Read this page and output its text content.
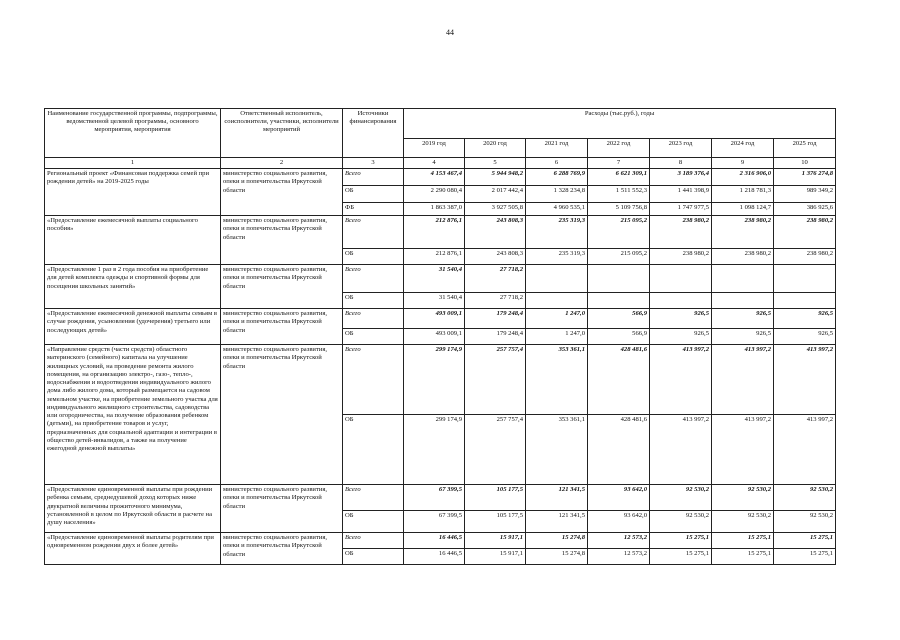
44
Наименование государственной программы, подпрограммы, ведомственной целевой программы, основного мероприятия, мероприятия	Ответственный исполнитель, соисполнители, участники, исполнители мероприятий	Источники финансирования	Расходы (тыс.руб.), годы						
			2019 год	2020 год	2021 год	2022 год	2023 год	2024 год	2025 год
1	2	3	4	5	6	7	8	9	10
Региональный проект «Финансовая поддержка семей при рождении детей» на 2019-2025 годы	министерство социального развития, опеки и попечительства Иркутской области	Всего	4 153 467,4	5 944 948,2	6 288 769,9	6 621 309,1	3 189 376,4	2 316 906,0	1 376 274,8
		ОБ	2 290 080,4	2 017 442,4	1 328 234,8	1 511 552,3	1 441 398,9	1 218 781,3	989 349,2
		ФБ	1 863 387,0	3 927 505,8	4 960 535,1	5 109 756,8	1 747 977,5	1 098 124,7	386 925,6
«Предоставление ежемесячной выплаты социального пособия»	министерство социального развития, опеки и попечительства Иркутской области	Всего	212 876,1	243 808,3	235 319,3	215 095,2	238 980,2	238 980,2	238 980,2
		ОБ	212 876,1	243 808,3	235 319,3	215 095,2	238 980,2	238 980,2	238 980,2
«Предоставление 1 раз в 2 года пособия на приобретение для детей комплекта одежды и спортивной формы для посещения школьных занятий»	министерство социального развития, опеки и попечительства Иркутской области	Всего	31 540,4	27 718,2					
		ОБ	31 540,4	27 718,2					
«Предоставление ежемесячной денежной выплаты семьям в случае рождения, усыновления (удочерения) третьего или последующих детей»	министерство социального развития, опеки и попечительства Иркутской области	Всего	493 009,1	179 248,4	1 247,0	566,9	926,5	926,5	926,5
		ОБ	493 009,1	179 248,4	1 247,0	566,9	926,5	926,5	926,5
«Направление средств (части средств) областного материнского (семейного) капитала на улучшение жилищных условий, на проведение ремонта жилого помещения, на организацию электро-, газо-, тепло-, водоснабжения и водоотведения индивидуального жилого дома либо жилого дома, который размещается на садовом земельном участке, на приобретение земельного участка для индивидуального жилищного строительства, садоводства или огородничества, на получение образования ребенком (детьми), на приобретение товаров и услуг, предназначенных для социальной адаптации и интеграции в общество детей-инвалидов, а также на получение ежегодной денежной выплаты»	министерство социального развития, опеки и попечительства Иркутской области	Всего	299 174,9	257 757,4	353 361,1	428 481,6	413 997,2	413 997,2	413 997,2
		ОБ	299 174,9	257 757,4	353 361,1	428 481,6	413 997,2	413 997,2	413 997,2
«Предоставление единовременной выплаты при рождении ребенка семьям, среднедушевой доход которых ниже двукратной величины прожиточного минимума, установленной в целом по Иркутской области в расчете на душу населения»	министерство социального развития, опеки и попечительства Иркутской области	Всего	67 399,5	105 177,5	121 341,5	93 642,0	92 530,2	92 530,2	92 530,2
		ОБ	67 399,5	105 177,5	121 341,5	93 642,0	92 530,2	92 530,2	92 530,2
«Предоставление единовременной выплаты родителям при одновременном рождении двух и более детей»	министерство социального развития, опеки и попечительства Иркутской области	Всего	16 446,5	15 917,1	15 274,8	12 573,2	15 275,1	15 275,1	15 275,1
		ОБ	16 446,5	15 917,1	15 274,8	12 573,2	15 275,1	15 275,1	15 275,1
